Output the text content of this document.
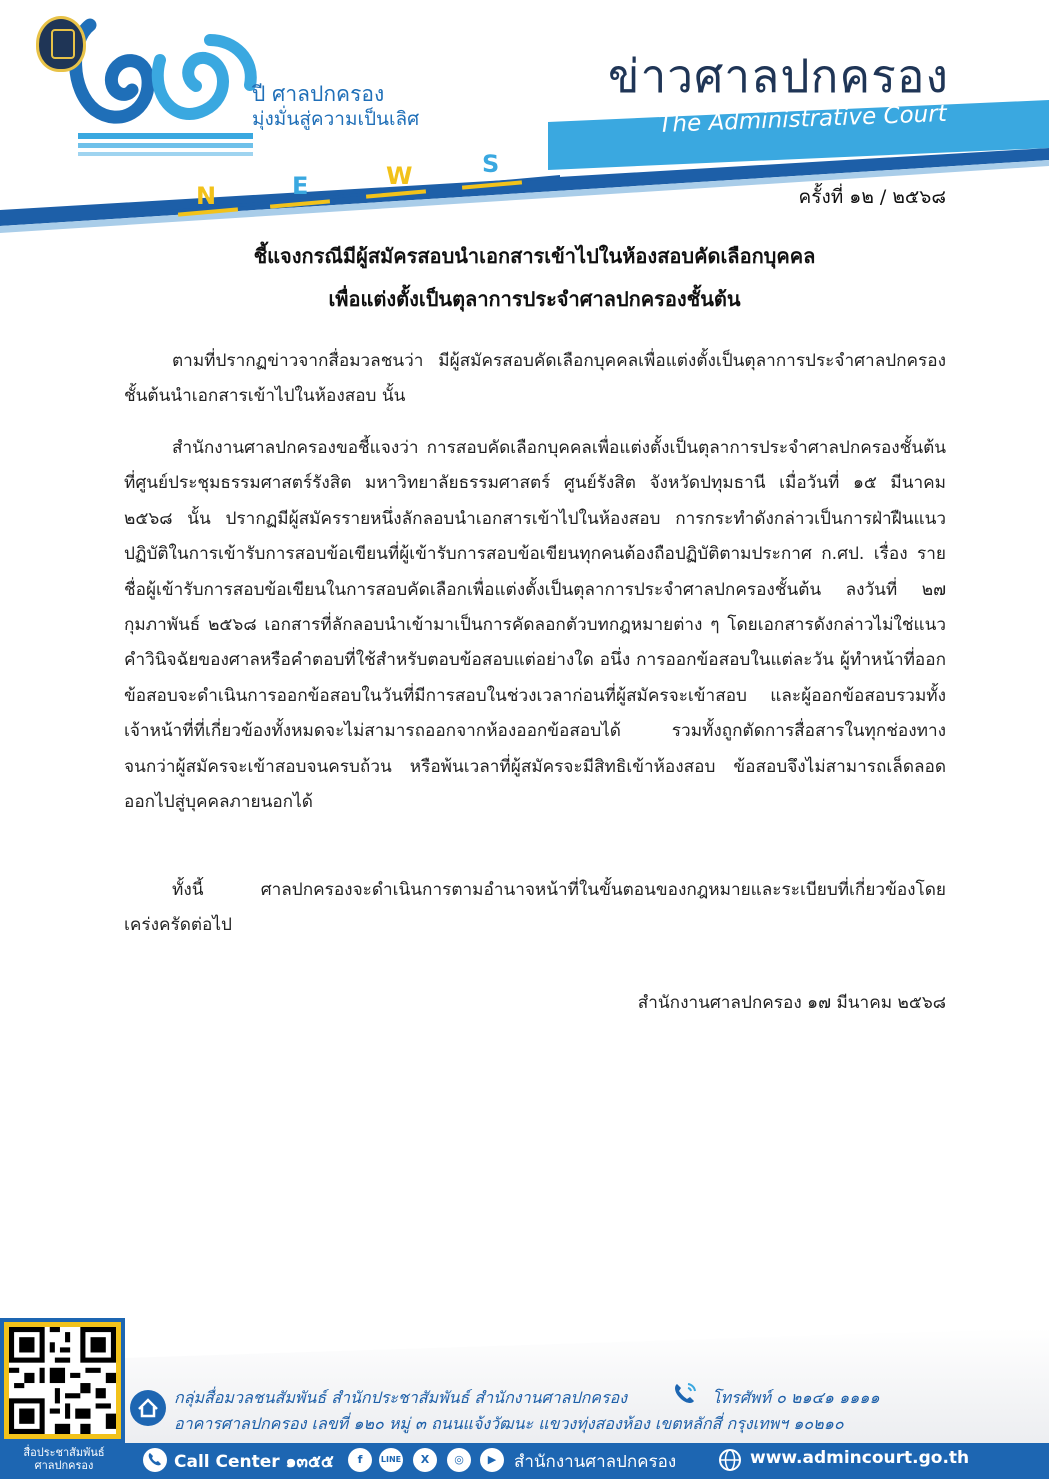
ปี ศาลปกครอง
มุ่งมั่นสู่ความเป็นเลิศ
N	E	W	S
ข่าวศาลปกครอง
The Administrative Court
ครั้งที่ ๑๒ / ๒๕๖๘
ชี้แจงกรณีมีผู้สมัครสอบนำเอกสารเข้าไปในห้องสอบคัดเลือกบุคคล
เพื่อแต่งตั้งเป็นตุลาการประจำศาลปกครองชั้นต้น
ตามที่ปรากฏข่าวจากสื่อมวลชนว่า มีผู้สมัครสอบคัดเลือกบุคคลเพื่อแต่งตั้งเป็นตุลาการประจำศาลปกครองชั้นต้นนำเอกสารเข้าไปในห้องสอบ นั้น
สำนักงานศาลปกครองขอชี้แจงว่า การสอบคัดเลือกบุคคลเพื่อแต่งตั้งเป็นตุลาการประจำศาลปกครองชั้นต้น ที่ศูนย์ประชุมธรรมศาสตร์รังสิต มหาวิทยาลัยธรรมศาสตร์ ศูนย์รังสิต จังหวัดปทุมธานี เมื่อวันที่ ๑๕ มีนาคม ๒๕๖๘ นั้น ปรากฏมีผู้สมัครรายหนึ่งลักลอบนำเอกสารเข้าไปในห้องสอบ การกระทำดังกล่าวเป็นการฝ่าฝืนแนวปฏิบัติในการเข้ารับการสอบข้อเขียนที่ผู้เข้ารับการสอบข้อเขียนทุกคนต้องถือปฏิบัติตามประกาศ ก.ศป. เรื่อง รายชื่อผู้เข้ารับการสอบข้อเขียนในการสอบคัดเลือกเพื่อแต่งตั้งเป็นตุลาการประจำศาลปกครองชั้นต้น ลงวันที่ ๒๗ กุมภาพันธ์ ๒๕๖๘ เอกสารที่ลักลอบนำเข้ามาเป็นการคัดลอกตัวบทกฎหมายต่าง ๆ โดยเอกสารดังกล่าวไม่ใช่แนวคำวินิจฉัยของศาลหรือคำตอบที่ใช้สำหรับตอบข้อสอบแต่อย่างใด อนึ่ง การออกข้อสอบในแต่ละวัน ผู้ทำหน้าที่ออกข้อสอบจะดำเนินการออกข้อสอบในวันที่มีการสอบในช่วงเวลาก่อนที่ผู้สมัครจะเข้าสอบ และผู้ออกข้อสอบรวมทั้งเจ้าหน้าที่ที่เกี่ยวข้องทั้งหมดจะไม่สามารถออกจากห้องออกข้อสอบได้ รวมทั้งถูกตัดการสื่อสารในทุกช่องทางจนกว่าผู้สมัครจะเข้าสอบจนครบถ้วน หรือพ้นเวลาที่ผู้สมัครจะมีสิทธิเข้าห้องสอบ ข้อสอบจึงไม่สามารถเล็ดลอดออกไปสู่บุคคลภายนอกได้
ทั้งนี้ ศาลปกครองจะดำเนินการตามอำนาจหน้าที่ในขั้นตอนของกฎหมายและระเบียบที่เกี่ยวข้องโดยเคร่งครัดต่อไป
สำนักงานศาลปกครอง ๑๗ มีนาคม ๒๕๖๘
สื่อประชาสัมพันธ์
ศาลปกครอง
กลุ่มสื่อมวลชนสัมพันธ์ สำนักประชาสัมพันธ์ สำนักงานศาลปกครอง	โทรศัพท์ ๐ ๒๑๔๑ ๑๑๑๑
อาคารศาลปกครอง เลขที่ ๑๒๐ หมู่ ๓ ถนนแจ้งวัฒนะ แขวงทุ่งสองห้อง เขตหลักสี่ กรุงเทพฯ ๑๐๒๑๐
Call Center ๑๓๕๕	f	LINE	X	◎	▶	สำนักงานศาลปกครอง	www.admincourt.go.th
